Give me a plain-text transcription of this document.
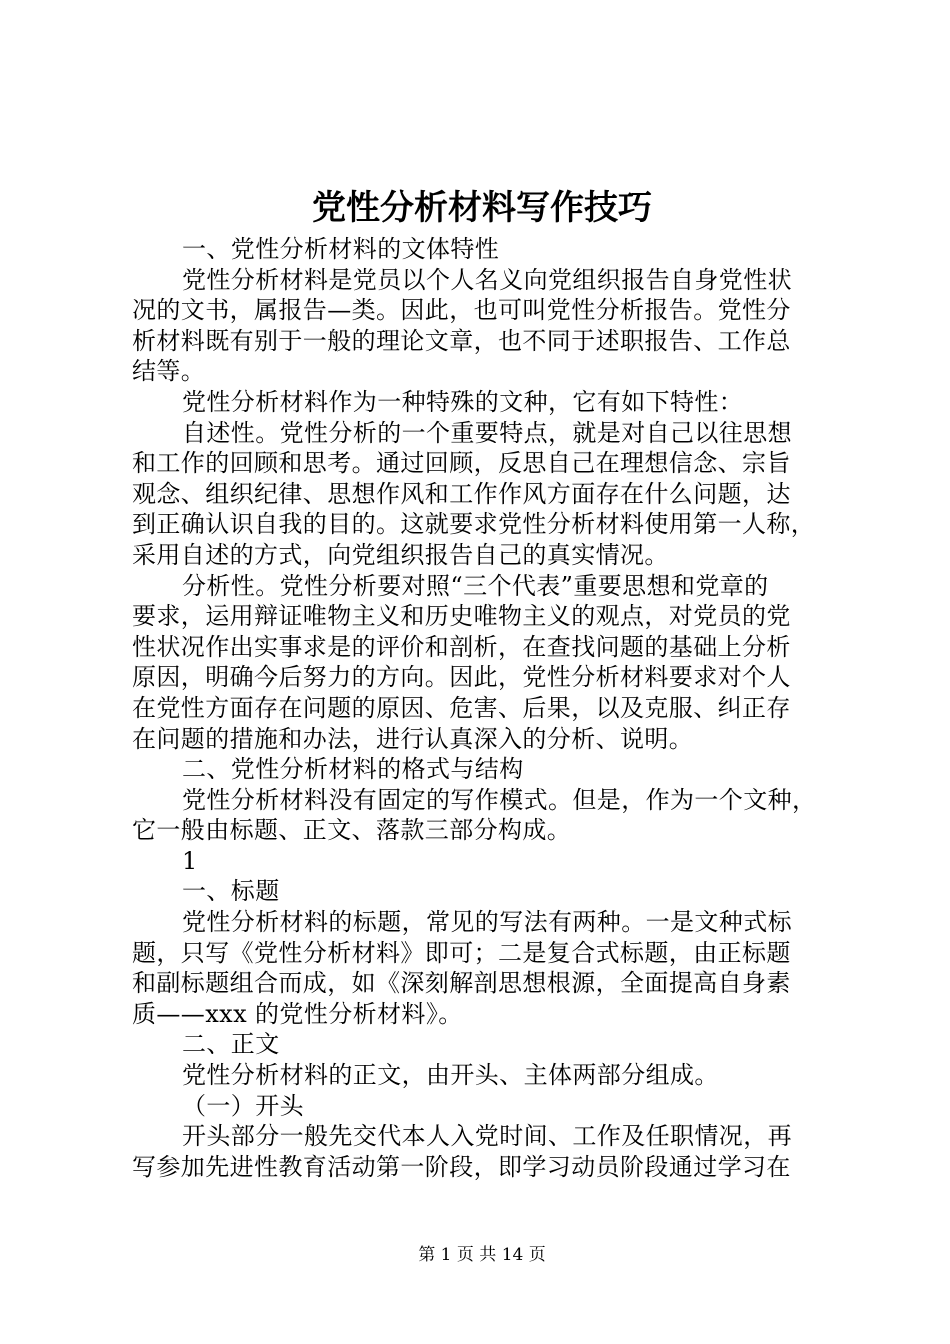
党性分析材料写作技巧
一、党性分析材料的文体特性
党性分析材料是党员以个人名义向党组织报告自身党性状
况的文书，属报告—类。因此，也可叫党性分析报告。党性分
析材料既有别于一般的理论文章，也不同于述职报告、工作总
结等。
党性分析材料作为一种特殊的文种，它有如下特性：
自述性。党性分析的一个重要特点，就是对自己以往思想
和工作的回顾和思考。通过回顾，反思自己在理想信念、宗旨
观念、组织纪律、思想作风和工作作风方面存在什么问题，达
到正确认识自我的目的。这就要求党性分析材料使用第一人称，
采用自述的方式，向党组织报告自己的真实情况。
分析性。党性分析要对照“三个代表”重要思想和党章的
要求，运用辩证唯物主义和历史唯物主义的观点，对党员的党
性状况作出实事求是的评价和剖析，在查找问题的基础上分析
原因，明确今后努力的方向。因此，党性分析材料要求对个人
在党性方面存在问题的原因、危害、后果，以及克服、纠正存
在问题的措施和办法，进行认真深入的分析、说明。
二、党性分析材料的格式与结构
党性分析材料没有固定的写作模式。但是，作为一个文种，
它一般由标题、正文、落款三部分构成。
1
一、标题
党性分析材料的标题，常见的写法有两种。一是文种式标
题，只写《党性分析材料》即可；二是复合式标题，由正标题
和副标题组合而成，如《深刻解剖思想根源，全面提高自身素
质——xxx 的党性分析材料》。
二、正文
党性分析材料的正文，由开头、主体两部分组成。
（一）开头
开头部分一般先交代本人入党时间、工作及任职情况，再
写参加先进性教育活动第一阶段，即学习动员阶段通过学习在
第 1 页 共 14 页
